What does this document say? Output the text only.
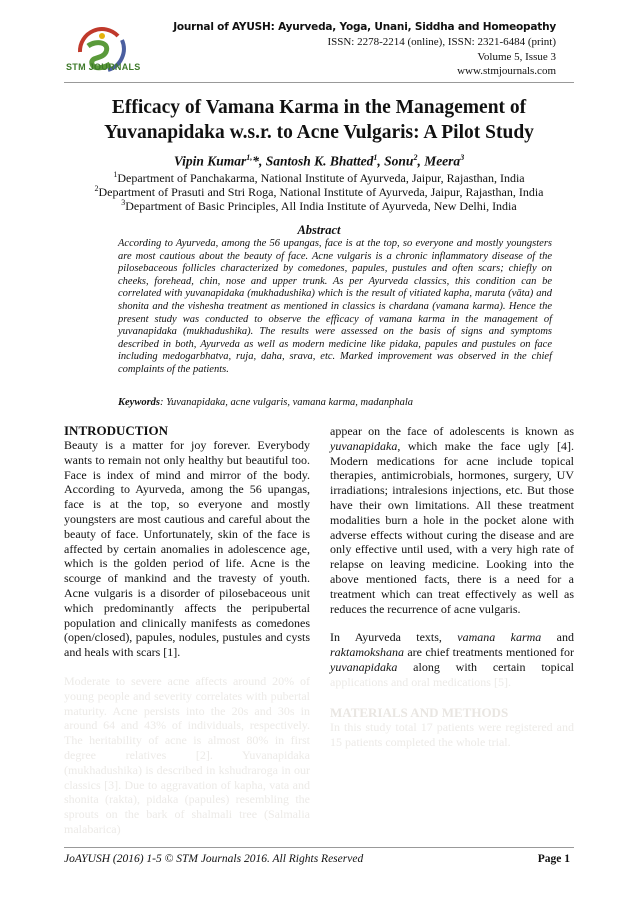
STM JOURNALS
Journal of AYUSH: Ayurveda, Yoga, Unani, Siddha and Homeopathy
ISSN: 2278-2214 (online), ISSN: 2321-6484 (print)
Volume 5, Issue 3
www.stmjournals.com
Efficacy of Vamana Karma in the Management of
Yuvanapidaka w.s.r. to Acne Vulgaris: A Pilot Study
Vipin Kumar$^{1,}$*, Santosh K. Bhatted$^1$, Sonu$^2$, Meera$^3$
$^1$Department of Panchakarma, National Institute of Ayurveda, Jaipur, Rajasthan, India
$^2$Department of Prasuti and Stri Roga, National Institute of Ayurveda, Jaipur, Rajasthan, India
$^3$Department of Basic Principles, All India Institute of Ayurveda, New Delhi, India
Abstract
According to Ayurveda, among the 56 upangas, face is at the top, so everyone and mostly youngsters are most cautious about the beauty of face. Acne vulgaris is a chronic inflammatory disease of the pilosebaceous follicles characterized by comedones, papules, pustules and often scars; chiefly on cheeks, forehead, chin, nose and upper trunk. As per Ayurveda classics, this condition can be correlated with yuvanapidaka (mukhadushika) which is the result of vitiated kapha, maruta (vāta) and shonita and the vishesha treatment as mentioned in classics is chardana (vamana karma). Hence the present study was conducted to observe the efficacy of vamana karma in the management of yuvanapidaka (mukhadushika). The results were assessed on the basis of signs and symptoms described in both, Ayurveda as well as modern medicine like pidaka, papules and pustules on face including medogarbhatva, ruja, daha, srava, etc. Marked improvement was observed in the chief complaints of the patients.
Keywords: Yuvanapidaka, acne vulgaris, vamana karma, madanphala
INTRODUCTION

Beauty is a matter for joy forever. Everybody wants to remain not only healthy but beautiful too. Face is index of mind and mirror of the body. According to Ayurveda, among the 56 upangas, face is at the top, so everyone and mostly youngsters are most cautious and careful about the beauty of face. Unfortunately, skin of the face is affected by certain anomalies in adolescence age, which is the golden period of life. Acne is the scourge of mankind and the travesty of youth. Acne vulgaris is a disorder of pilosebaceous unit which predominantly affects the peripubertal population and clinically manifests as comedones (open/closed), papules, nodules, pustules and cysts and heals with scars [1].

Moderate to severe acne affects around 20% of young people and severity correlates with pubertal maturity. Acne persists into the 20s and 30s in around 64 and 43% of individuals, respectively. The heritability of acne is almost 80% in first degree relatives [2]. Yuvanapidaka (mukhadushika) is described in kshudraroga in our classics [3]. Due to aggravation of kapha, vata and shonita (rakta), pidaka (papules) resembling the sprouts on the bark of shalmali tree (Salmalia malabarica)

appear on the face of adolescents is known as yuvanapidaka, which make the face ugly [4]. Modern medications for acne include topical therapies, antimicrobials, hormones, surgery, UV irradiations; intralesions injections, etc. But those have their own limitations. All these treatment modalities burn a hole in the pocket alone with adverse effects without curing the disease and are only effective until used, with a very high rate of relapse on leaving medicine. Looking into the above mentioned facts, there is a need for a treatment which can treat effectively as well as reduces the recurrence of acne vulgaris.

In Ayurveda texts, vamana karma and raktamokshana are chief treatments mentioned for yuvanapidaka along with certain topical applications and oral medications [5].

MATERIALS AND METHODS

In this study total 17 patients were registered and 15 patients completed the whole trial.

JoAYUSH (2016) 1-5 © STM Journals 2016. All Rights Reserved	Page 1
